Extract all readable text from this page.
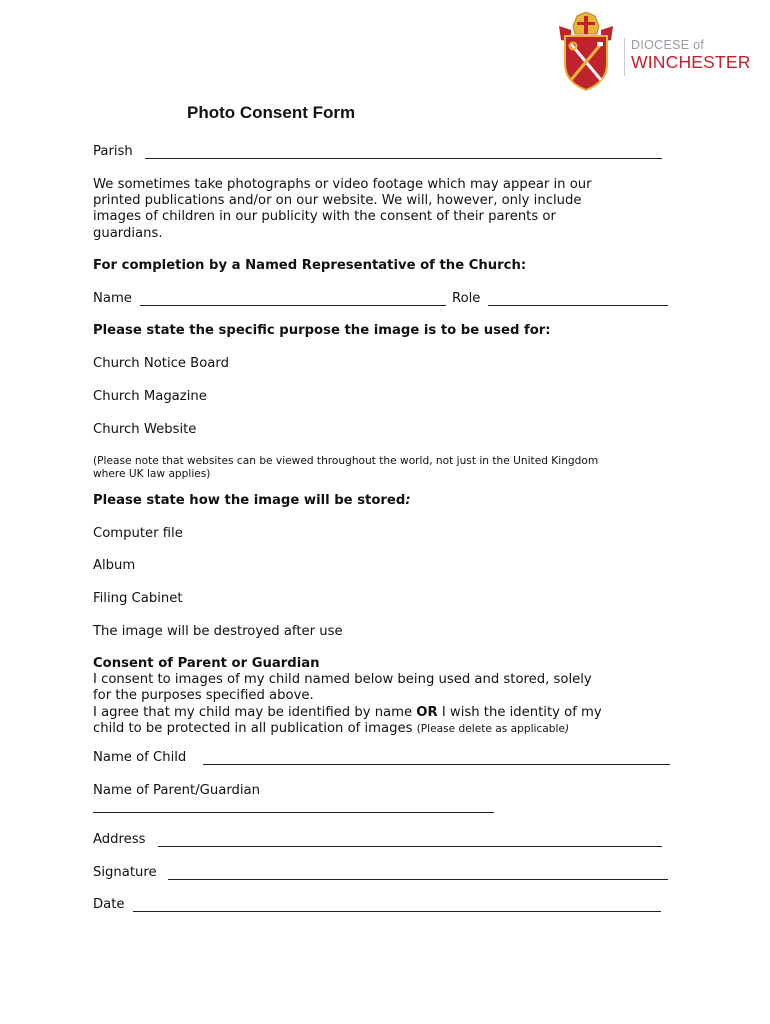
DIOCESE of
WINCHESTER
Photo Consent Form
Parish
We sometimes take photographs or video footage which may appear in our
printed publications and/or on our website. We will, however, only include
images of children in our publicity with the consent of their parents or
guardians.
For completion by a Named Representative of the Church:
Name	Role
Please state the specific purpose the image is to be used for:
Church Notice Board
Church Magazine
Church Website
(Please note that websites can be viewed throughout the world, not just in the United Kingdom
where UK law applies)
Please state how the image will be stored:
Computer file
Album
Filing Cabinet
The image will be destroyed after use
Consent of Parent or Guardian
I consent to images of my child named below being used and stored, solely
for the purposes specified above.
I agree that my child may be identified by name OR I wish the identity of my
child to be protected in all publication of images (Please delete as applicable)
Name of Child
Name of Parent/Guardian
Address
Signature
Date
